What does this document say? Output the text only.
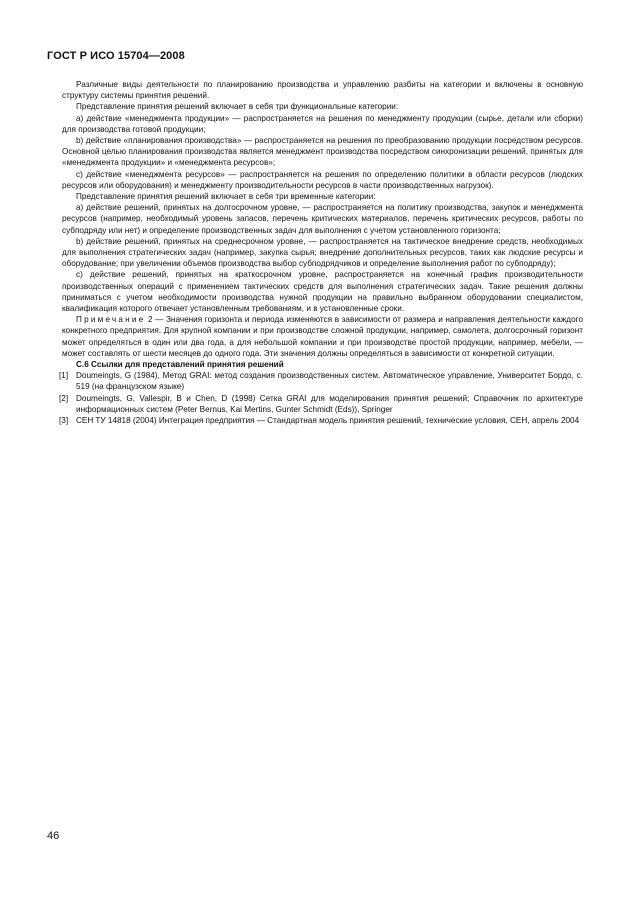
ГОСТ Р ИСО 15704—2008

Различные виды деятельности по планированию производства и управлению разбиты на категории и включены в основную структуру системы принятия решений.

Представление принятия решений включает в себя три функциональные категории:

а) действие «менеджмента продукции» — распространяется на решения по менеджменту продукции (сырье, детали или сборки) для производства готовой продукции;

b) действие «планирования производства» — распространяется на решения по преобразованию продукции посредством ресурсов. Основной целью планирования производства является менеджмент производства посредством синхронизации решений, принятых для «менеджмента продукции» и «менеджмента ресурсов»;

c) действие «менеджмента ресурсов» — распространяется на решения по определению политики в области ресурсов (людских ресурсов или оборудования) и менеджменту производительности ресурсов в части производственных нагрузок).

Представление принятия решений включает в себя три временные категории:

а) действие решений, принятых на долгосрочном уровне, — распространяется на политику производства, закупок и менеджмента ресурсов (например, необходимый уровень запасов, перечень критических материалов, перечень критических ресурсов, работы по субподряду или нет) и определение производственных задач для выполнения с учетом установленного горизонта;

b) действие решений, принятых на среднесрочном уровне, — распространяется на тактическое внедрение средств, необходимых для выполнения стратегических задач (например, закупка сырья; внедрение дополнительных ресурсов, таких как людские ресурсы и оборудование; при увеличении объемов производства выбор субподрядчиков и определение выполнения работ по субподряду);

c) действие решений, принятых на краткосрочном уровне, распространяется на конечный график производительности производственных операций с применением тактических средств для выполнения стратегических задач. Такие решения должны приниматься с учетом необходимости производства нужной продукции на правильно выбранном оборудовании специалистом, квалификация которого отвечает установленным требованиям, и в установленные сроки.

Примечание 2 — Значения горизонта и периода изменяются в зависимости от размера и направления деятельности каждого конкретного предприятия. Для крупной компании и при производстве сложной продукции, например, самолета, долгосрочный горизонт может определяться в один или два года, а для небольшой компании и при производстве простой продукции, например, мебели, — может составлять от шести месяцев до одного года. Эти значения должны определяться в зависимости от конкретной ситуации.

C.6 Ссылки для представлений принятия решений
[1] Doumeingts, G (1984), Метод GRAI: метод создания производственных систем. Автоматическое управление, Университет Бордо, с. 519 (на французском языке)
[2] Doumeingts, G, Vallespir, B и Chen, D (1998) Сетка GRAI для моделирования принятия решений; Справочник по архитектуре информационных систем (Peter Bernus, Kai Mertins, Gunter Schmidt (Eds)), Springer
[3] CEH TУ 14818 (2004) Интеграция предприятия — Стандартная модель принятия решений, технические условия, СЕН, апрель 2004
46
